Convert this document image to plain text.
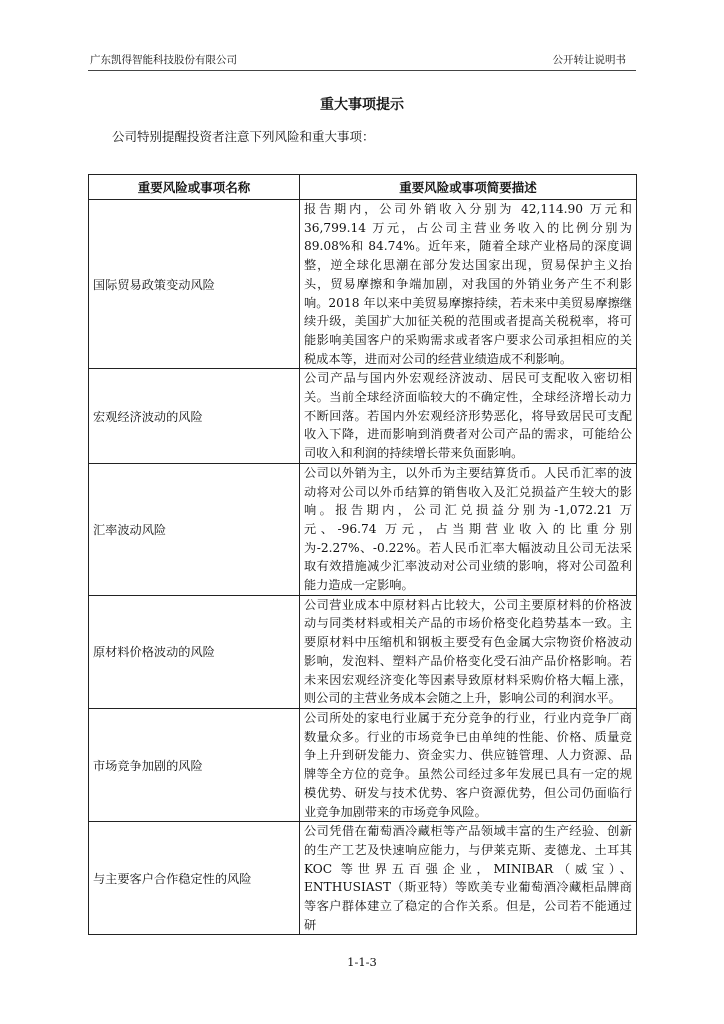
广东凯得智能科技股份有限公司	公开转让说明书
重大事项提示
公司特别提醒投资者注意下列风险和重大事项：
重要风险或事项名称	重要风险或事项简要描述
国际贸易政策变动风险	报告期内，公司外销收入分别为 42,114.90 万元和 36,799.14 万元，占公司主营业务收入的比例分别为 89.08%和 84.74%。近年来，随着全球产业格局的深度调整，逆全球化思潮在部分发达国家出现，贸易保护主义抬头，贸易摩擦和争端加剧，对我国的外销业务产生不利影响。2018 年以来中美贸易摩擦持续，若未来中美贸易摩擦继续升级，美国扩大加征关税的范围或者提高关税税率，将可能影响美国客户的采购需求或者客户要求公司承担相应的关税成本等，进而对公司的经营业绩造成不利影响。
宏观经济波动的风险	公司产品与国内外宏观经济波动、居民可支配收入密切相关。当前全球经济面临较大的不确定性，全球经济增长动力不断回落。若国内外宏观经济形势恶化，将导致居民可支配收入下降，进而影响到消费者对公司产品的需求，可能给公司收入和利润的持续增长带来负面影响。
汇率波动风险	公司以外销为主，以外币为主要结算货币。人民币汇率的波动将对公司以外币结算的销售收入及汇兑损益产生较大的影响。报告期内，公司汇兑损益分别为-1,072.21 万元、-96.74 万元，占当期营业收入的比重分别为-2.27%、-0.22%。若人民币汇率大幅波动且公司无法采取有效措施减少汇率波动对公司业绩的影响，将对公司盈利能力造成一定影响。
原材料价格波动的风险	公司营业成本中原材料占比较大，公司主要原材料的价格波动与同类材料或相关产品的市场价格变化趋势基本一致。主要原材料中压缩机和钢板主要受有色金属大宗物资价格波动影响，发泡料、塑料产品价格变化受石油产品价格影响。若未来因宏观经济变化等因素导致原材料采购价格大幅上涨，则公司的主营业务成本会随之上升，影响公司的利润水平。
市场竞争加剧的风险	公司所处的家电行业属于充分竞争的行业，行业内竞争厂商数量众多。行业的市场竞争已由单纯的性能、价格、质量竞争上升到研发能力、资金实力、供应链管理、人力资源、品牌等全方位的竞争。虽然公司经过多年发展已具有一定的规模优势、研发与技术优势、客户资源优势，但公司仍面临行业竞争加剧带来的市场竞争风险。
与主要客户合作稳定性的风险	公司凭借在葡萄酒冷藏柜等产品领域丰富的生产经验、创新的生产工艺及快速响应能力，与伊莱克斯、麦德龙、土耳其 KOC 等世界五百强企业，MINIBAR（威宝）、ENTHUSIAST（斯亚特）等欧美专业葡萄酒冷藏柜品牌商等客户群体建立了稳定的合作关系。但是，公司若不能通过研
1-1-3
